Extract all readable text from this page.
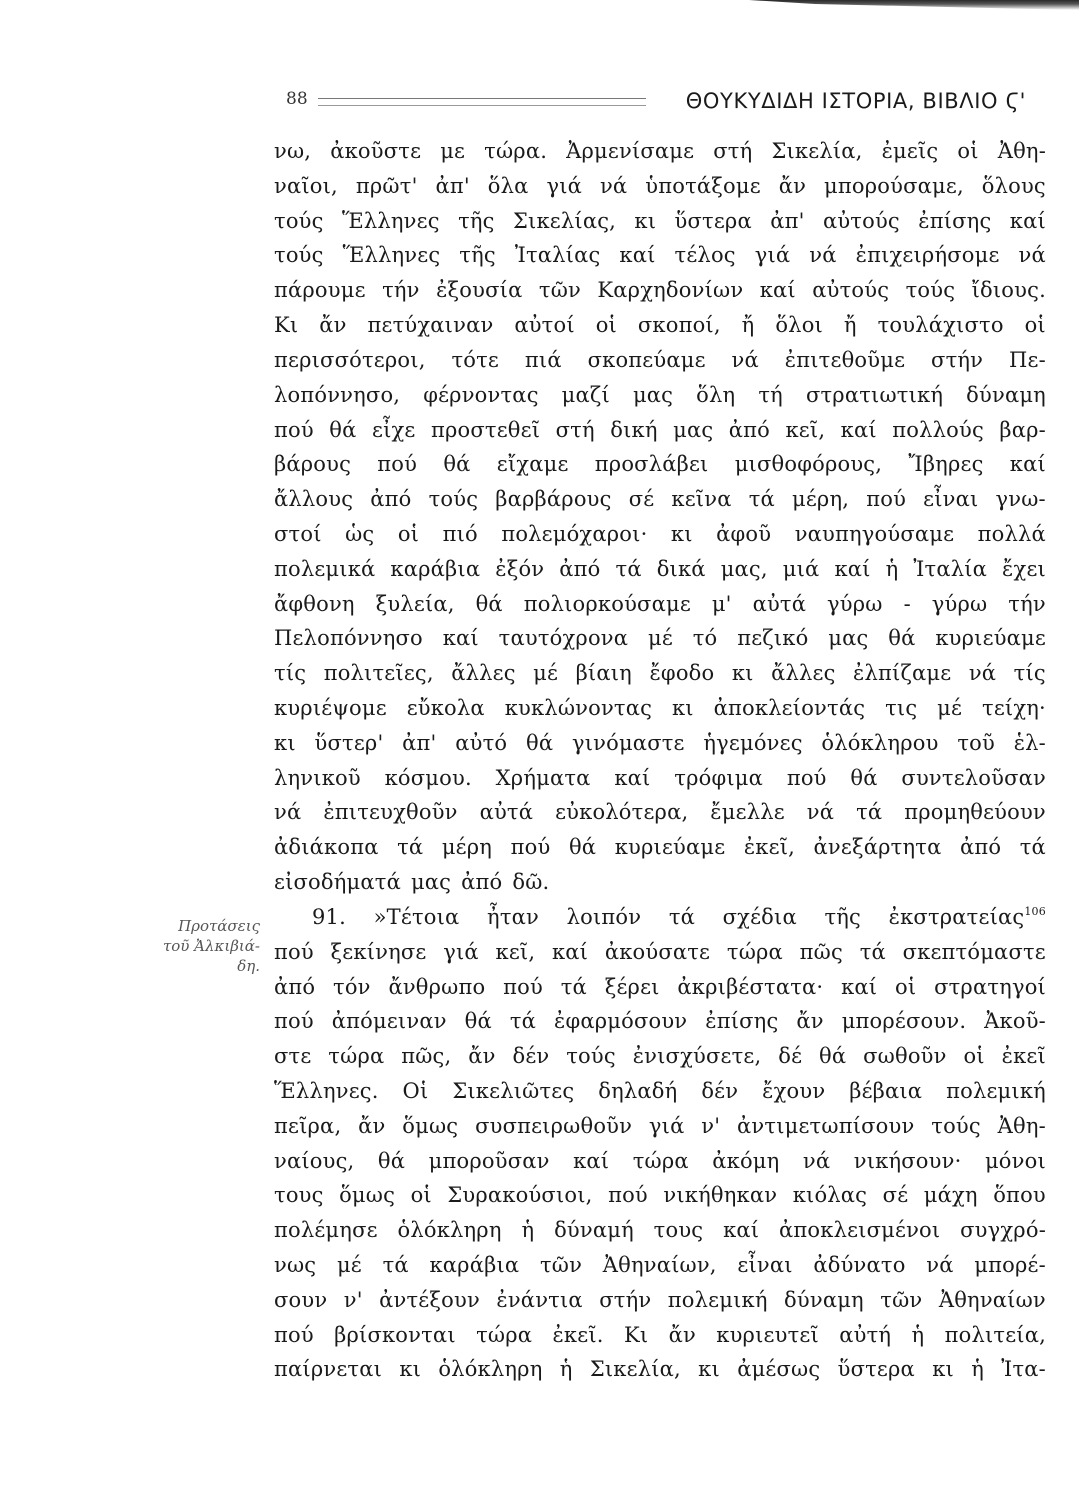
88	ΘΟΥΚΥΔΙΔΗ ΙΣΤΟΡΙΑ, ΒΙΒΛΙΟ Ϛ'
Προτάσεις
τοῦ Ἀλκιβιά-
δη.
νω, ἀκοῦστε με τώρα. Ἀρμενίσαμε στή Σικελία, ἐμεῖς οἱ Ἀθη-
ναῖοι, πρῶτ' ἀπ' ὅλα γιά νά ὑποτάξομε ἄν μπορούσαμε, ὅλους
τούς Ἕλληνες τῆς Σικελίας, κι ὕστερα ἀπ' αὐτούς ἐπίσης καί
τούς Ἕλληνες τῆς Ἰταλίας καί τέλος γιά νά ἐπιχειρήσομε νά
πάρουμε τήν ἐξουσία τῶν Καρχηδονίων καί αὐτούς τούς ἴδιους.
Κι ἄν πετύχαιναν αὐτοί οἱ σκοποί, ἤ ὅλοι ἤ τουλάχιστο οἱ
περισσότεροι, τότε πιά σκοπεύαμε νά ἐπιτεθοῦμε στήν Πε-
λοπόννησο, φέρνοντας μαζί μας ὅλη τή στρατιωτική δύναμη
πού θά εἶχε προστεθεῖ στή δική μας ἀπό κεῖ, καί πολλούς βαρ-
βάρους πού θά εἴχαμε προσλάβει μισθοφόρους, Ἴβηρες καί
ἄλλους ἀπό τούς βαρβάρους σέ κεῖνα τά μέρη, πού εἶναι γνω-
στοί ὡς οἱ πιό πολεμόχαροι· κι ἀφοῦ ναυπηγούσαμε πολλά
πολεμικά καράβια ἐξόν ἀπό τά δικά μας, μιά καί ἡ Ἰταλία ἔχει
ἄφθονη ξυλεία, θά πολιορκούσαμε μ' αὐτά γύρω - γύρω τήν
Πελοπόννησο καί ταυτόχρονα μέ τό πεζικό μας θά κυριεύαμε
τίς πολιτεῖες, ἄλλες μέ βίαιη ἔφοδο κι ἄλλες ἐλπίζαμε νά τίς
κυριέψομε εὔκολα κυκλώνοντας κι ἀποκλείοντάς τις μέ τείχη·
κι ὕστερ' ἀπ' αὐτό θά γινόμαστε ἡγεμόνες ὁλόκληρου τοῦ ἑλ-
ληνικοῦ κόσμου. Χρήματα καί τρόφιμα πού θά συντελοῦσαν
νά ἐπιτευχθοῦν αὐτά εὐκολότερα, ἔμελλε νά τά προμηθεύουν
ἀδιάκοπα τά μέρη πού θά κυριεύαμε ἐκεῖ, ἀνεξάρτητα ἀπό τά
εἰσοδήματά μας ἀπό δῶ.
91. »Τέτοια ἦταν λοιπόν τά σχέδια τῆς ἐκστρατείας$^{106}$
πού ξεκίνησε γιά κεῖ, καί ἀκούσατε τώρα πῶς τά σκεπτόμαστε
ἀπό τόν ἄνθρωπο πού τά ξέρει ἀκριβέστατα· καί οἱ στρατηγοί
πού ἀπόμειναν θά τά ἐφαρμόσουν ἐπίσης ἄν μπορέσουν. Ἀκοῦ-
στε τώρα πῶς, ἄν δέν τούς ἐνισχύσετε, δέ θά σωθοῦν οἱ ἐκεῖ
Ἕλληνες. Οἱ Σικελιῶτες δηλαδή δέν ἔχουν βέβαια πολεμική
πεῖρα, ἄν ὅμως συσπειρωθοῦν γιά ν' ἀντιμετωπίσουν τούς Ἀθη-
ναίους, θά μποροῦσαν καί τώρα ἀκόμη νά νικήσουν· μόνοι
τους ὅμως οἱ Συρακούσιοι, πού νικήθηκαν κιόλας σέ μάχη ὅπου
πολέμησε ὁλόκληρη ἡ δύναμή τους καί ἀποκλεισμένοι συγχρό-
νως μέ τά καράβια τῶν Ἀθηναίων, εἶναι ἀδύνατο νά μπορέ-
σουν ν' ἀντέξουν ἐνάντια στήν πολεμική δύναμη τῶν Ἀθηναίων
πού βρίσκονται τώρα ἐκεῖ. Κι ἄν κυριευτεῖ αὐτή ἡ πολιτεία,
παίρνεται κι ὁλόκληρη ἡ Σικελία, κι ἀμέσως ὕστερα κι ἡ Ἰτα-
